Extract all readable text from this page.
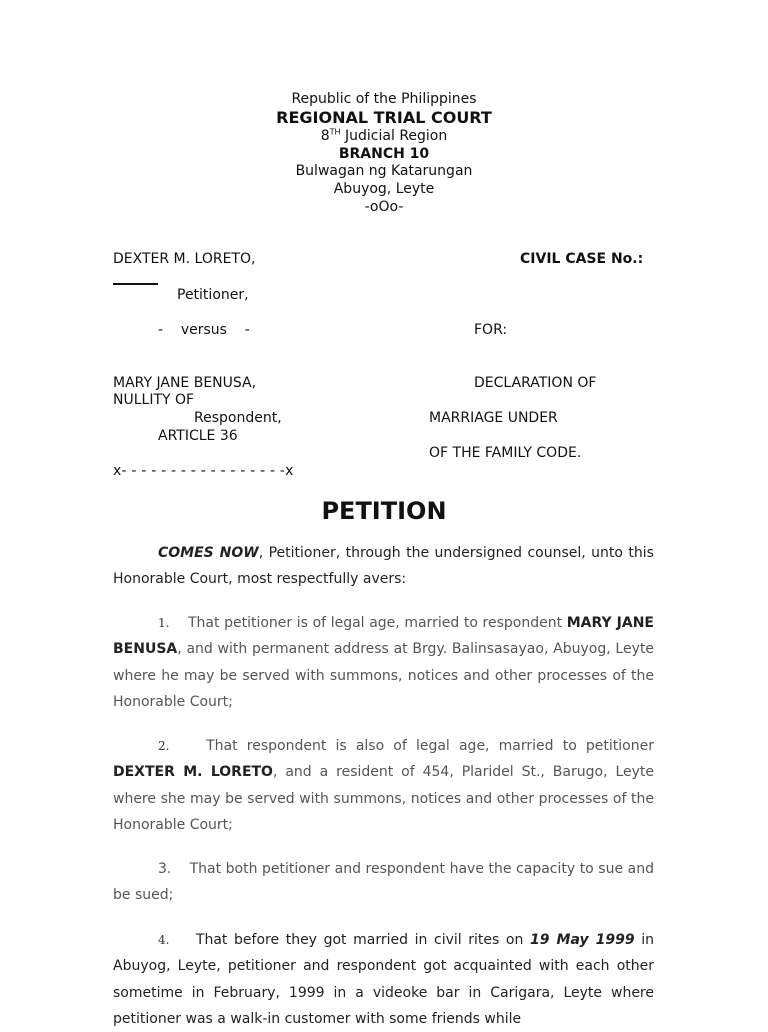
Republic of the Philippines
REGIONAL TRIAL COURT
8TH Judicial Region
BRANCH 10
Bulwagan ng Katarungan
Abuyog, Leyte
-oOo-
DEXTER M. LORETO,	CIVIL CASE No.:
Petitioner,
-    versus    -	FOR:
MARY JANE BENUSA,	DECLARATION OF
NULLITY OF
Respondent,	MARRIAGE UNDER
ARTICLE 36
OF THE FAMILY CODE.
x- - - - - - - - - - - - - - - - -x
PETITION
COMES NOW, Petitioner, through the undersigned counsel, unto this Honorable Court, most respectfully avers:
1. That petitioner is of legal age, married to respondent MARY JANE BENUSA, and with permanent address at Brgy. Balinsasayao, Abuyog, Leyte where he may be served with summons, notices and other processes of the Honorable Court;
2.	That respondent is also of legal age, married to petitioner DEXTER M. LORETO, and a resident of 454, Plaridel St., Barugo, Leyte where she may be served with summons, notices and other processes of the Honorable Court;
3. That both petitioner and respondent have the capacity to sue and be sued;
4. That before they got married in civil rites on 19 May 1999 in Abuyog, Leyte, petitioner and respondent got acquainted with each other sometime in February, 1999 in a videoke bar in Carigara, Leyte where petitioner was a walk-in customer with some friends while
